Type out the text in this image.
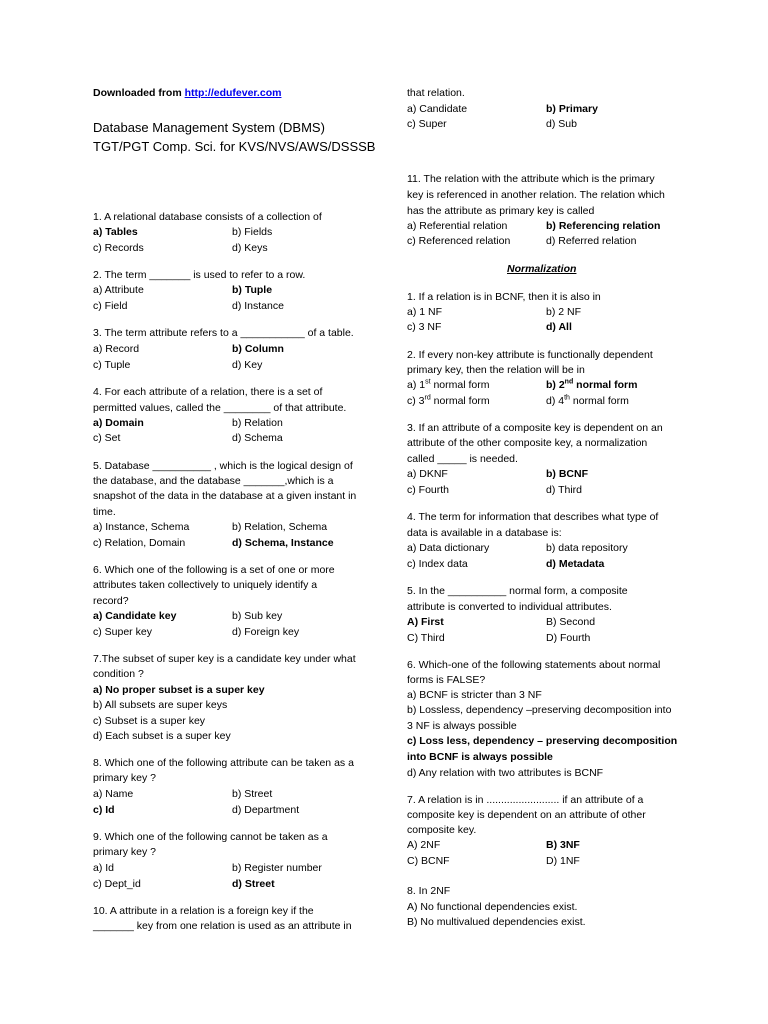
Downloaded from http://edufever.com
Database Management System (DBMS)
TGT/PGT Comp. Sci. for KVS/NVS/AWS/DSSSB
1. A relational database consists of a collection of
a) Tables	b) Fields
c) Records	d) Keys
2. The term _______ is used to refer to a row.
a) Attribute	b) Tuple
c) Field	d) Instance
3. The term attribute refers to a ___________ of a table.
a) Record	b) Column
c) Tuple	d) Key
4. For each attribute of a relation, there is a set of
permitted values, called the ________ of that attribute.
a) Domain	b) Relation
c) Set	d) Schema
5. Database __________ , which is the logical design of
the database, and the database _______,which is a
snapshot of the data in the database at a given instant in
time.
a) Instance, Schema	b) Relation, Schema
c) Relation, Domain	d) Schema, Instance
6. Which one of the following is a set of one or more
attributes taken collectively to uniquely identify a
record?
a) Candidate key	b) Sub key
c) Super key	d) Foreign key
7.The subset of super key is a candidate key under what
condition ?
a) No proper subset is a super key
b) All subsets are super keys
c) Subset is a super key
d) Each subset is a super key
8. Which one of the following attribute can be taken as a
primary key ?
a) Name	b) Street
c) Id	d) Department
9. Which one of the following cannot be taken as a
primary key ?
a) Id	b) Register number
c) Dept_id	d) Street
10. A attribute in a relation is a foreign key if the
_______ key from one relation is used as an attribute in
that relation.
a) Candidate	b) Primary
c) Super	d) Sub
11. The relation with the attribute which is the primary
key is referenced in another relation. The relation which
has the attribute as primary key is called
a) Referential relation	b) Referencing relation
c) Referenced relation	d) Referred relation
Normalization
1. If a relation is in BCNF, then it is also in
a) 1 NF	b) 2 NF
c) 3 NF	d) All
2. If every non-key attribute is functionally dependent
primary key, then the relation will be in
a) 1st normal form	b) 2nd normal form
c) 3rd normal form	d) 4th normal form
3. If an attribute of a composite key is dependent on an
attribute of the other composite key, a normalization
called _____ is needed.
a) DKNF	b) BCNF
c) Fourth	d) Third
4. The term for information that describes what type of
data is available in a database is:
a) Data dictionary	b) data repository
c) Index data	d) Metadata
5. In the __________ normal form, a composite
attribute is converted to individual attributes.
A) First	B) Second
C) Third	D) Fourth
6. Which-one of the following statements about normal
forms is FALSE?
a) BCNF is stricter than 3 NF
b) Lossless, dependency –preserving decomposition into
3 NF is always possible
c) Loss less, dependency – preserving decomposition
into BCNF is always possible
d) Any relation with two attributes is BCNF
7. A relation is in ......................... if an attribute of a
composite key is dependent on an attribute of other
composite key.
A) 2NF	B) 3NF
C) BCNF	D) 1NF
8. In 2NF
A) No functional dependencies exist.
B) No multivalued dependencies exist.
